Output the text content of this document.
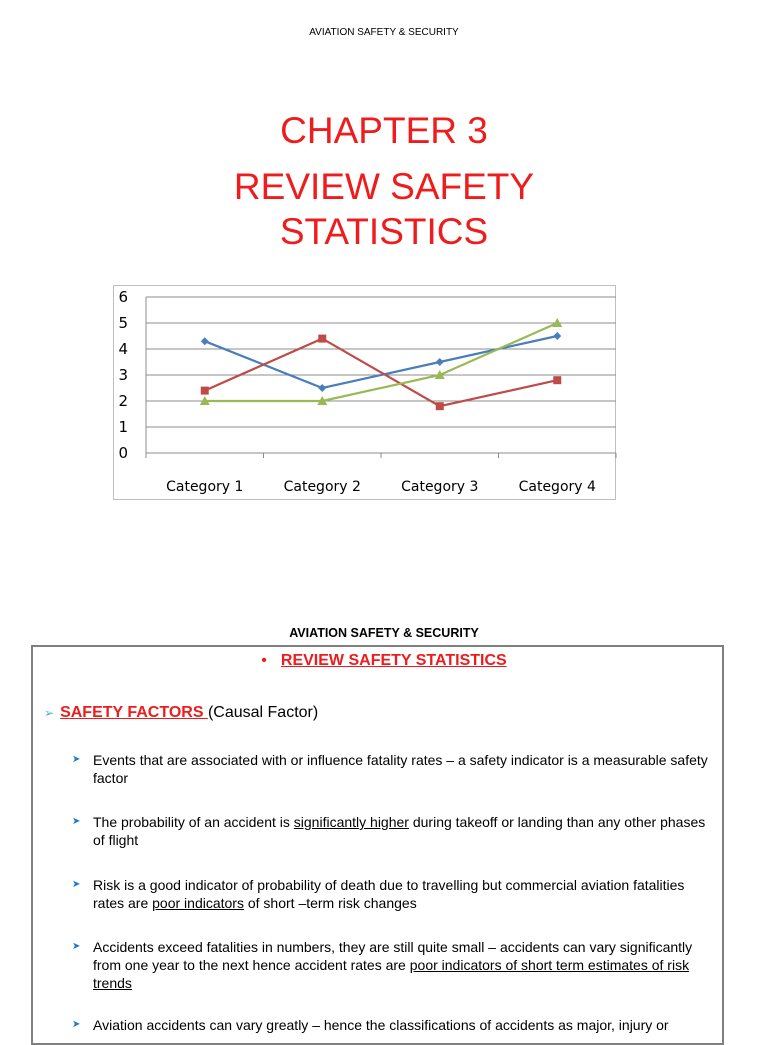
AVIATION SAFETY & SECURITY
CHAPTER 3
REVIEW SAFETY
STATISTICS
0
1
2
3
4
5
6
Category 1	Category 2	Category 3	Category 4
AVIATION SAFETY & SECURITY
• REVIEW SAFETY STATISTICS
➢ SAFETY FACTORS (Causal Factor)
➤ Events that are associated with or influence fatality rates – a safety indicator is a measurable safety factor
➤ The probability of an accident is significantly higher during takeoff or landing than any other phases of flight
➤ Risk is a good indicator of probability of death due to travelling but commercial aviation fatalities rates are poor indicators of short –term risk changes
➤ Accidents exceed fatalities in numbers, they are still quite small – accidents can vary significantly from one year to the next hence accident rates are poor indicators of short term estimates of risk trends
➤ Aviation accidents can vary greatly – hence the classifications of accidents as major, injury or
